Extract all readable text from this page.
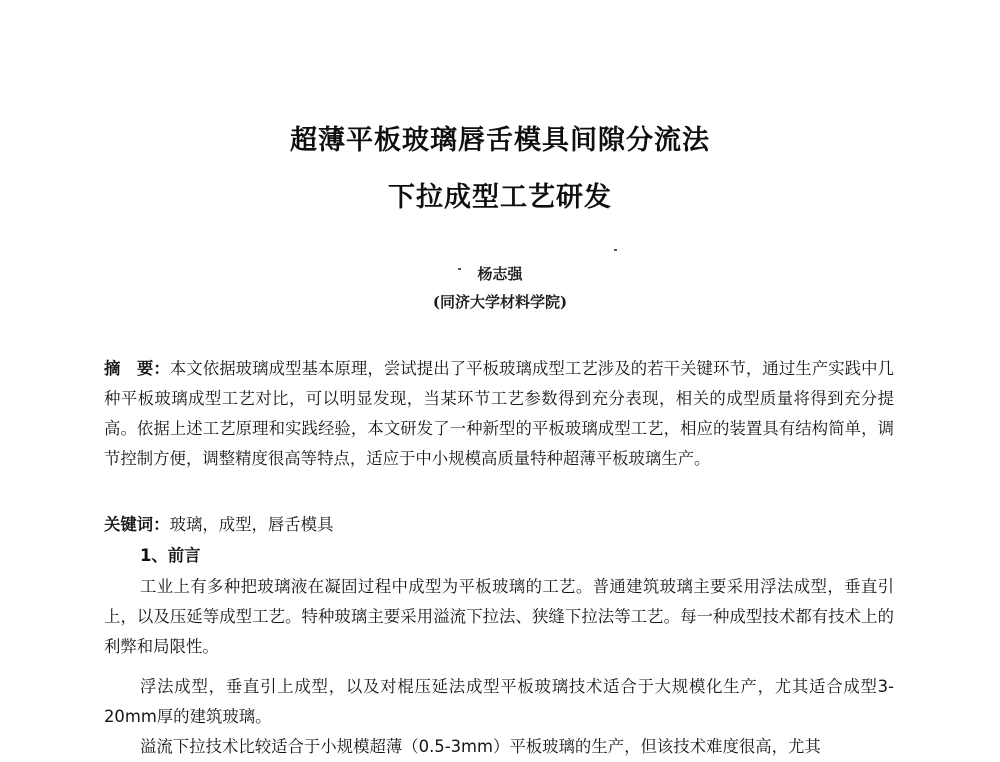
超薄平板玻璃唇舌模具间隙分流法
下拉成型工艺研发
杨志强
(同济大学材料学院)
摘　要：本文依据玻璃成型基本原理，尝试提出了平板玻璃成型工艺涉及的若干关键环节，通过生产实践中几种平板玻璃成型工艺对比，可以明显发现，当某环节工艺参数得到充分表现，相关的成型质量将得到充分提高。依据上述工艺原理和实践经验，本文研发了一种新型的平板玻璃成型工艺，相应的装置具有结构简单，调节控制方便，调整精度很高等特点，适应于中小规模高质量特种超薄平板玻璃生产。
关键词：玻璃，成型，唇舌模具
1、前言
工业上有多种把玻璃液在凝固过程中成型为平板玻璃的工艺。普通建筑玻璃主要采用浮法成型，垂直引上，以及压延等成型工艺。特种玻璃主要采用溢流下拉法、狭缝下拉法等工艺。每一种成型技术都有技术上的利弊和局限性。
浮法成型，垂直引上成型，以及对棍压延法成型平板玻璃技术适合于大规模化生产，尤其适合成型3-20mm厚的建筑玻璃。
溢流下拉技术比较适合于小规模超薄（0.5-3mm）平板玻璃的生产，但该技术难度很高，尤其
